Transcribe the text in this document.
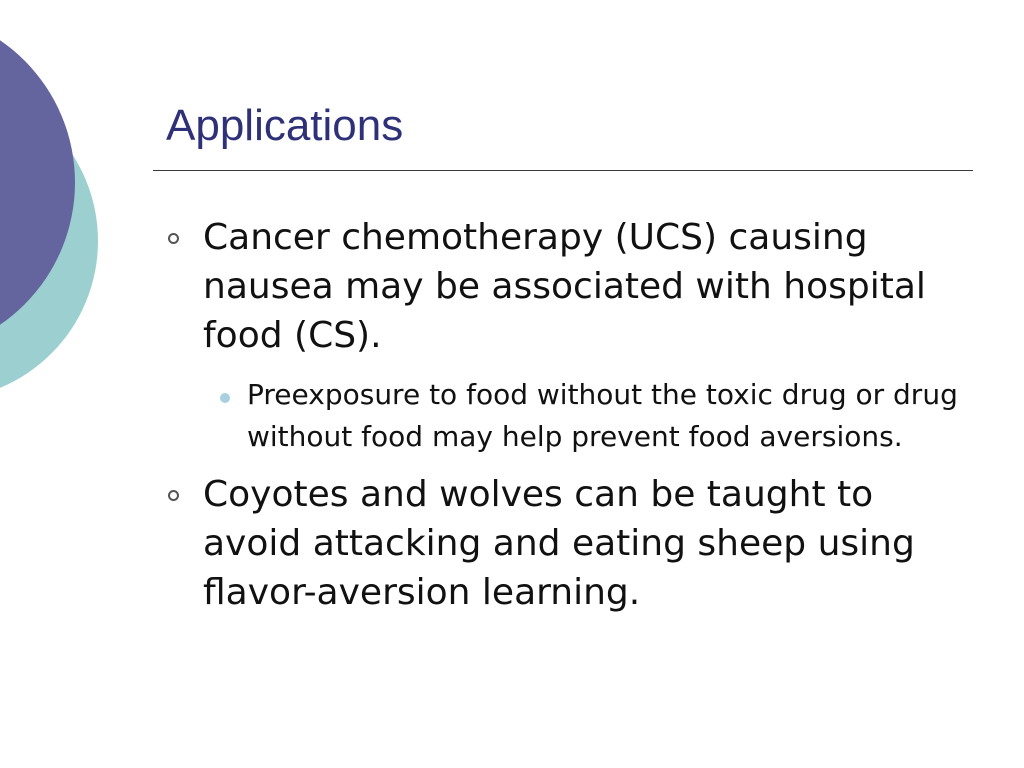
Applications
Cancer chemotherapy (UCS) causing nausea may be associated with hospital food (CS).
Preexposure to food without the toxic drug or drug without food may help prevent food aversions.
Coyotes and wolves can be taught to avoid attacking and eating sheep using flavor-aversion learning.
